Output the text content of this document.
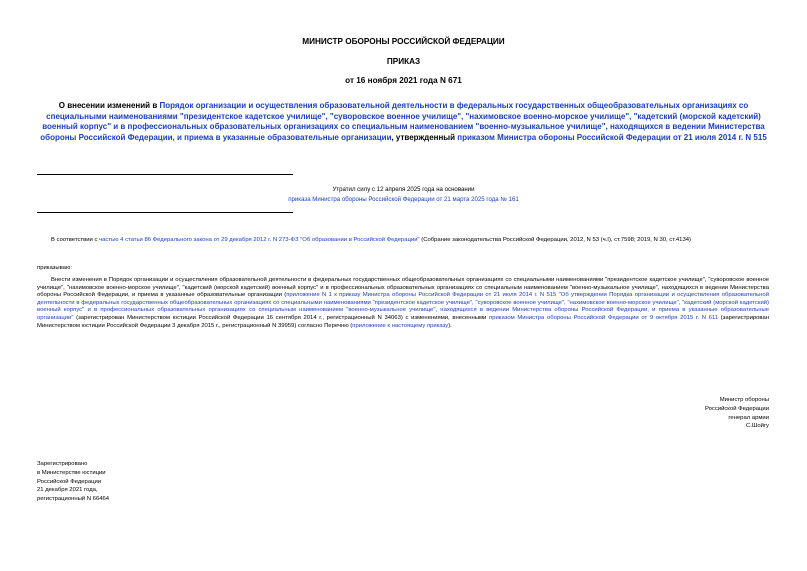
МИНИСТР ОБОРОНЫ РОССИЙСКОЙ ФЕДЕРАЦИИ
ПРИКАЗ
от 16 ноября 2021 года N 671
О внесении изменений в Порядок организации и осуществления образовательной деятельности в федеральных государственных общеобразовательных организациях со специальными наименованиями "президентское кадетское училище", "суворовское военное училище", "нахимовское военно-морское училище", "кадетский (морской кадетский) военный корпус" и в профессиональных образовательных организациях со специальным наименованием "военно-музыкальное училище", находящихся в ведении Министерства обороны Российской Федерации, и приема в указанные образовательные организации, утвержденный приказом Министра обороны Российской Федерации от 21 июля 2014 г. N 515
Утратил силу с 12 апреля 2025 года на основании
приказа Министра обороны Российской Федерации от 21 марта 2025 года № 161
В соответствии с частью 4 статьи 86 Федерального закона от 29 декабря 2012 г. N 273-ФЗ "Об образовании в Российской Федерации" (Собрание законодательства Российской Федерации, 2012, N 53 (ч.I), ст.7598; 2019, N 30, ст.4134)
приказываю:
Внести изменения в Порядок организации и осуществления образовательной деятельности в федеральных государственных общеобразовательных организациях со специальными наименованиями "президентское кадетское училище", "суворовское военное училище", "нахимовское военно-морское училище", "кадетский (морской кадетский) военный корпус" и в профессиональных образовательных организациях со специальным наименованием "военно-музыкальное училище", находящихся в ведении Министерства обороны Российской Федерации, и приема в указанные образовательные организации (приложение N 1 к приказу Министра обороны Российской Федерации от 21 июля 2014 г. N 515 "Об утверждении Порядка организации и осуществления образовательной деятельности в федеральных государственных общеобразовательных организациях со специальными наименованиями "президентское кадетское училище", "суворовское военное училище", "нахимовское военно-морское училище", "кадетский (морской кадетский) военный корпус" и в профессиональных образовательных организациях со специальным наименованием "военно-музыкальное училище", находящихся в ведении Министерства обороны Российской Федерации, и приема в указанные образовательные организации" (зарегистрирован Министерством юстиции Российской Федерации 16 сентября 2014 г., регистрационный N 34063) с изменениями, внесенными приказом Министра обороны Российской Федерации от 9 октября 2015 г. N 611 (зарегистрирован Министерством юстиции Российской Федерации 3 декабря 2015 г., регистрационный N 39959) согласно Перечню (приложение к настоящему приказу).
Министр обороны
Российской Федерации
генерал армии
С.Шойгу
Зарегистрировано
в Министерстве юстиции
Российской Федерации
21 декабря 2021 года,
регистрационный N 66464
